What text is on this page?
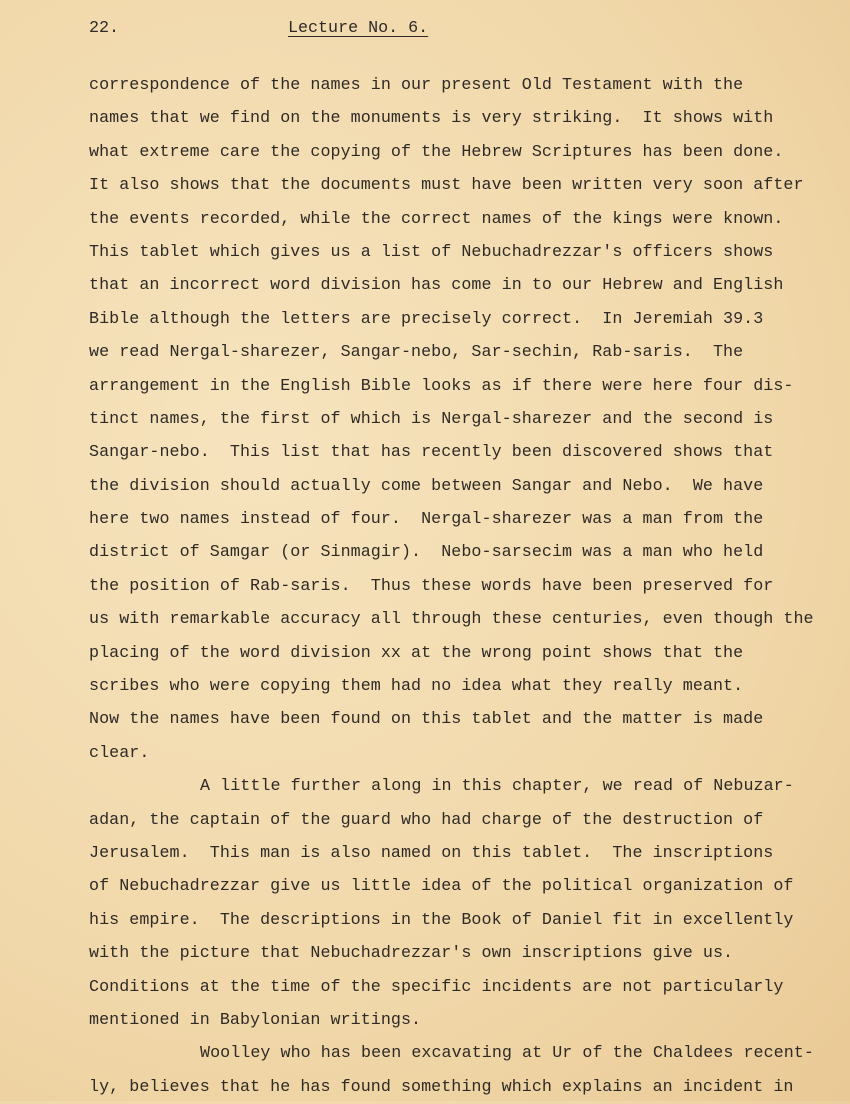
22.	Lecture No. 6.
correspondence of the names in our present Old Testament with the
names that we find on the monuments is very striking.  It shows with
what extreme care the copying of the Hebrew Scriptures has been done.
It also shows that the documents must have been written very soon after
the events recorded, while the correct names of the kings were known.
This tablet which gives us a list of Nebuchadrezzar's officers shows
that an incorrect word division has come in to our Hebrew and English
Bible although the letters are precisely correct.  In Jeremiah 39.3
we read Nergal-sharezer, Sangar-nebo, Sar-sechin, Rab-saris.  The
arrangement in the English Bible looks as if there were here four dis-
tinct names, the first of which is Nergal-sharezer and the second is
Sangar-nebo.  This list that has recently been discovered shows that
the division should actually come between Sangar and Nebo.  We have
here two names instead of four.  Nergal-sharezer was a man from the
district of Samgar (or Sinmagir).  Nebo-sarsecim was a man who held
the position of Rab-saris.  Thus these words have been preserved for
us with remarkable accuracy all through these centuries, even though the
placing of the word division xx at the wrong point shows that the
scribes who were copying them had no idea what they really meant.
Now the names have been found on this tablet and the matter is made
clear.
A little further along in this chapter, we read of Nebuzar-
adan, the captain of the guard who had charge of the destruction of
Jerusalem.  This man is also named on this tablet.  The inscriptions
of Nebuchadrezzar give us little idea of the political organization of
his empire.  The descriptions in the Book of Daniel fit in excellently
with the picture that Nebuchadrezzar's own inscriptions give us.
Conditions at the time of the specific incidents are not particularly
mentioned in Babylonian writings.
Woolley who has been excavating at Ur of the Chaldees recent-
ly, believes that he has found something which explains an incident in
